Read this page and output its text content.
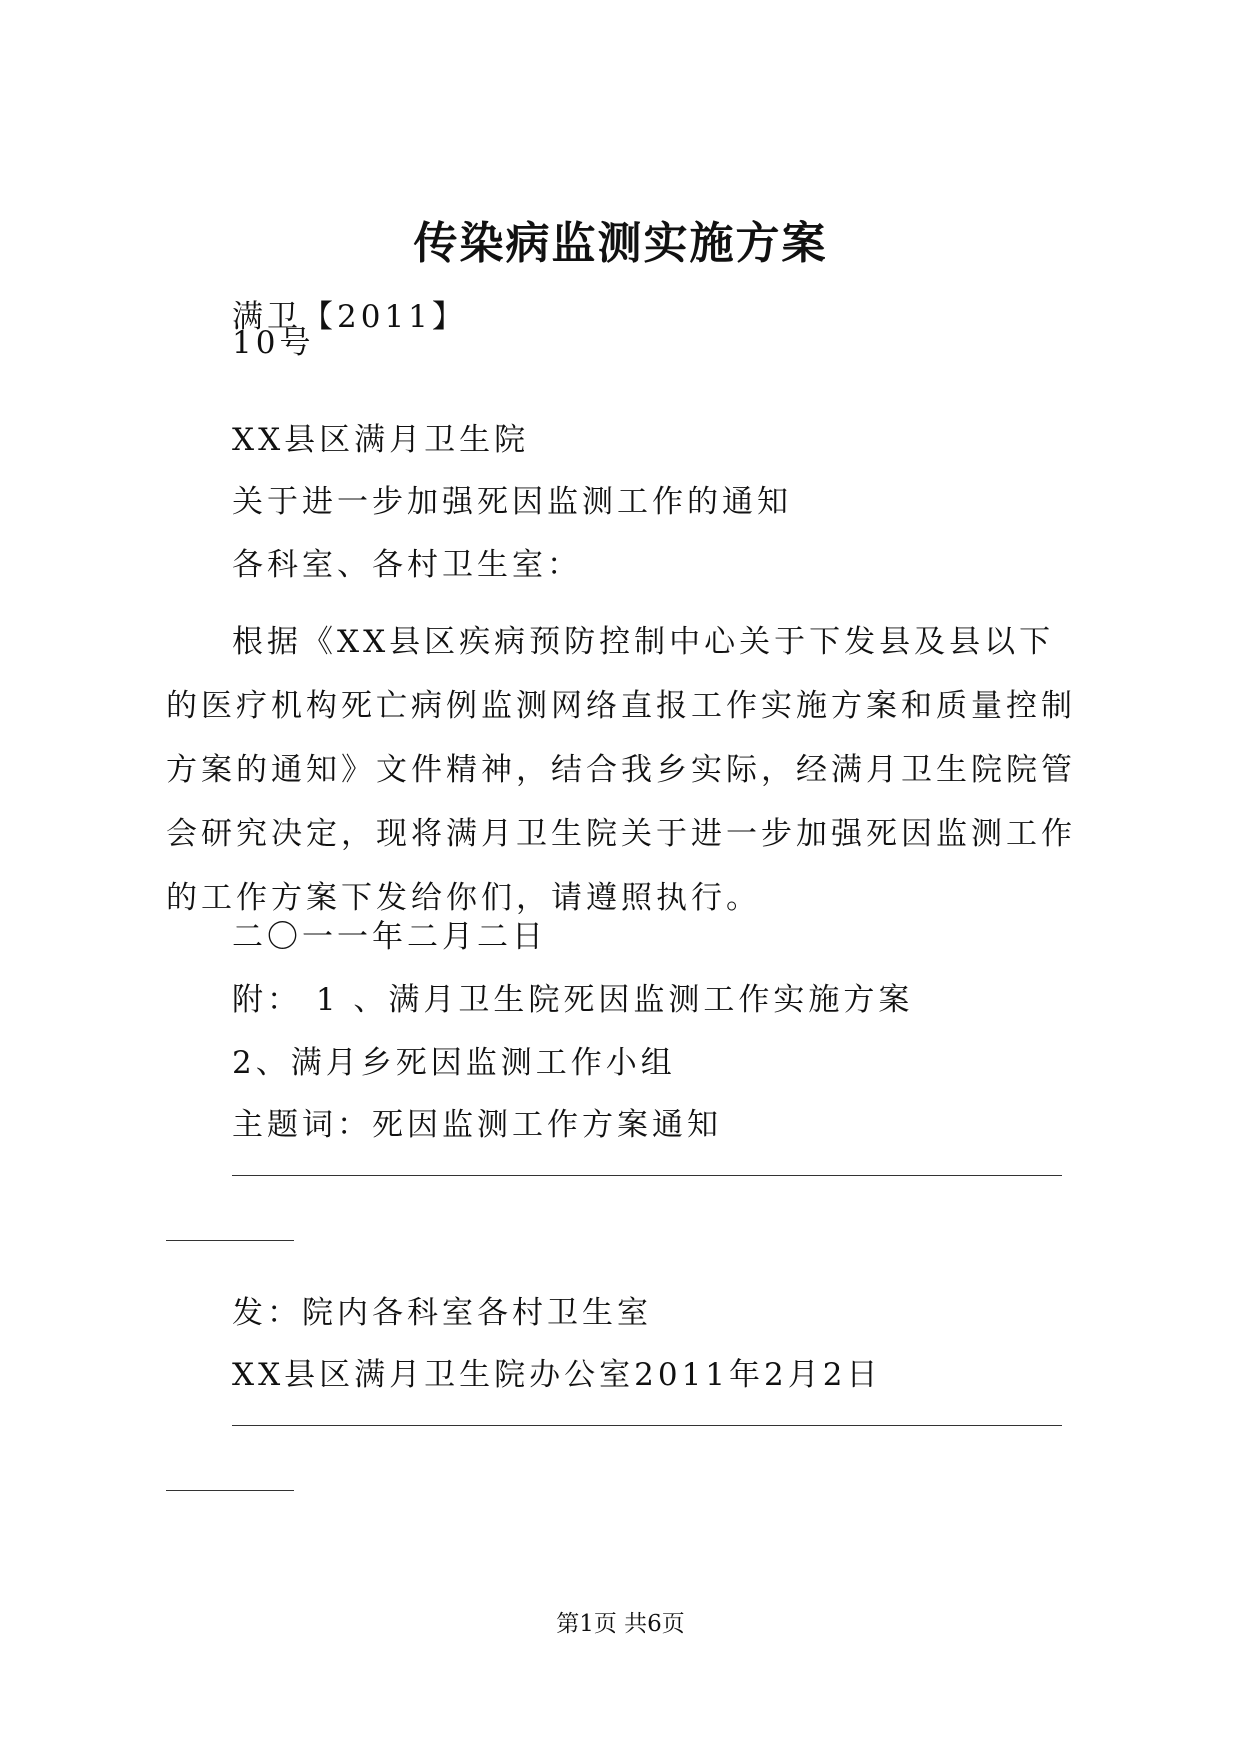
传染病监测实施方案
满卫【2011】
10号
XX县区满月卫生院
关于进一步加强死因监测工作的通知
各科室、各村卫生室：
根据《XX县区疾病预防控制中心关于下发县及县以下的医疗机构死亡病例监测网络直报工作实施方案和质量控制方案的通知》文件精神，结合我乡实际，经满月卫生院院管会研究决定，现将满月卫生院关于进一步加强死因监测工作的工作方案下发给你们，请遵照执行。
二〇一一年二月二日
附： 1 、满月卫生院死因监测工作实施方案
2、满月乡死因监测工作小组
主题词：死因监测工作方案通知
发：院内各科室各村卫生室
XX县区满月卫生院办公室2011年2月2日
第1页 共6页
